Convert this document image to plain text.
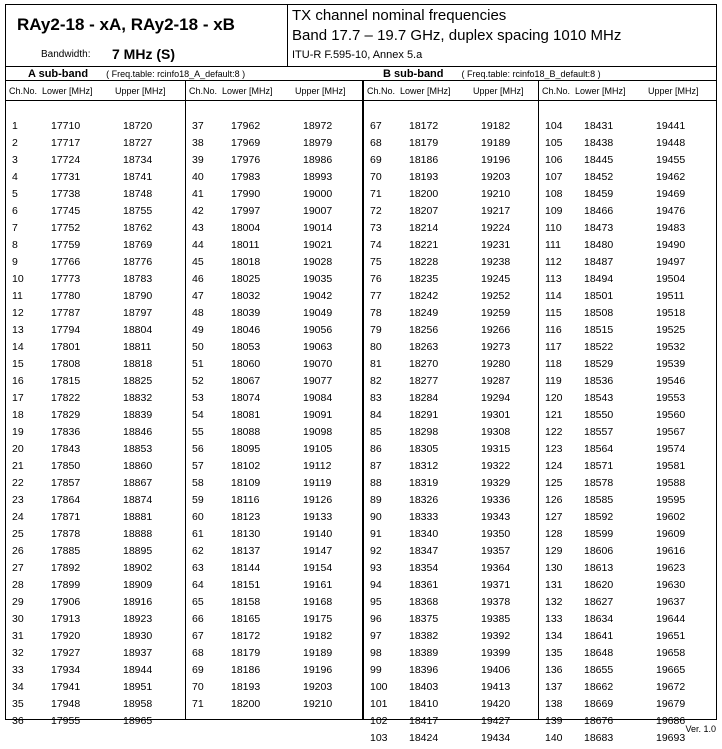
RAy2-18 - xA, RAy2-18 - xB
Bandwidth: 7 MHz (S)
TX channel nominal frequencies
Band 17.7 – 19.7 GHz, duplex spacing 1010 MHz
ITU-R F.595-10, Annex 5.a
A sub-band ( Freq.table: rcinfo18_A_default:8 )	B sub-band ( Freq.table: rcinfo18_B_default:8 )
Ch.No. Lower [MHz] Upper [MHz]
1	17710	18720
2	17717	18727
3	17724	18734
4	17731	18741
5	17738	18748
6	17745	18755
7	17752	18762
8	17759	18769
9	17766	18776
10	17773	18783
11	17780	18790
12	17787	18797
13	17794	18804
14	17801	18811
15	17808	18818
16	17815	18825
17	17822	18832
18	17829	18839
19	17836	18846
20	17843	18853
21	17850	18860
22	17857	18867
23	17864	18874
24	17871	18881
25	17878	18888
26	17885	18895
27	17892	18902
28	17899	18909
29	17906	18916
30	17913	18923
31	17920	18930
32	17927	18937
33	17934	18944
34	17941	18951
35	17948	18958
36	17955	18965
Ch.No. Lower [MHz] Upper [MHz]
37	17962	18972
38	17969	18979
39	17976	18986
40	17983	18993
41	17990	19000
42	17997	19007
43	18004	19014
44	18011	19021
45	18018	19028
46	18025	19035
47	18032	19042
48	18039	19049
49	18046	19056
50	18053	19063
51	18060	19070
52	18067	19077
53	18074	19084
54	18081	19091
55	18088	19098
56	18095	19105
57	18102	19112
58	18109	19119
59	18116	19126
60	18123	19133
61	18130	19140
62	18137	19147
63	18144	19154
64	18151	19161
65	18158	19168
66	18165	19175
67	18172	19182
68	18179	19189
69	18186	19196
70	18193	19203
71	18200	19210
Ch.No. Lower [MHz] Upper [MHz]
67	18172	19182
68	18179	19189
69	18186	19196
70	18193	19203
71	18200	19210
72	18207	19217
73	18214	19224
74	18221	19231
75	18228	19238
76	18235	19245
77	18242	19252
78	18249	19259
79	18256	19266
80	18263	19273
81	18270	19280
82	18277	19287
83	18284	19294
84	18291	19301
85	18298	19308
86	18305	19315
87	18312	19322
88	18319	19329
89	18326	19336
90	18333	19343
91	18340	19350
92	18347	19357
93	18354	19364
94	18361	19371
95	18368	19378
96	18375	19385
97	18382	19392
98	18389	19399
99	18396	19406
100 18403	19413
101 18410	19420
102 18417	19427
103 18424	19434
Ch.No. Lower [MHz] Upper [MHz]
104 18431	19441
105 18438	19448
106 18445	19455
107 18452	19462
108 18459	19469
109 18466	19476
110 18473	19483
111 18480	19490
112 18487	19497
113 18494	19504
114 18501	19511
115 18508	19518
116 18515	19525
117 18522	19532
118 18529	19539
119 18536	19546
120 18543	19553
121 18550	19560
122 18557	19567
123 18564	19574
124 18571	19581
125 18578	19588
126 18585	19595
127 18592	19602
128 18599	19609
129 18606	19616
130 18613	19623
131 18620	19630
132 18627	19637
133 18634	19644
134 18641	19651
135 18648	19658
136 18655	19665
137 18662	19672
138 18669	19679
139 18676	19686
140 18683	19693
Ver. 1.0
